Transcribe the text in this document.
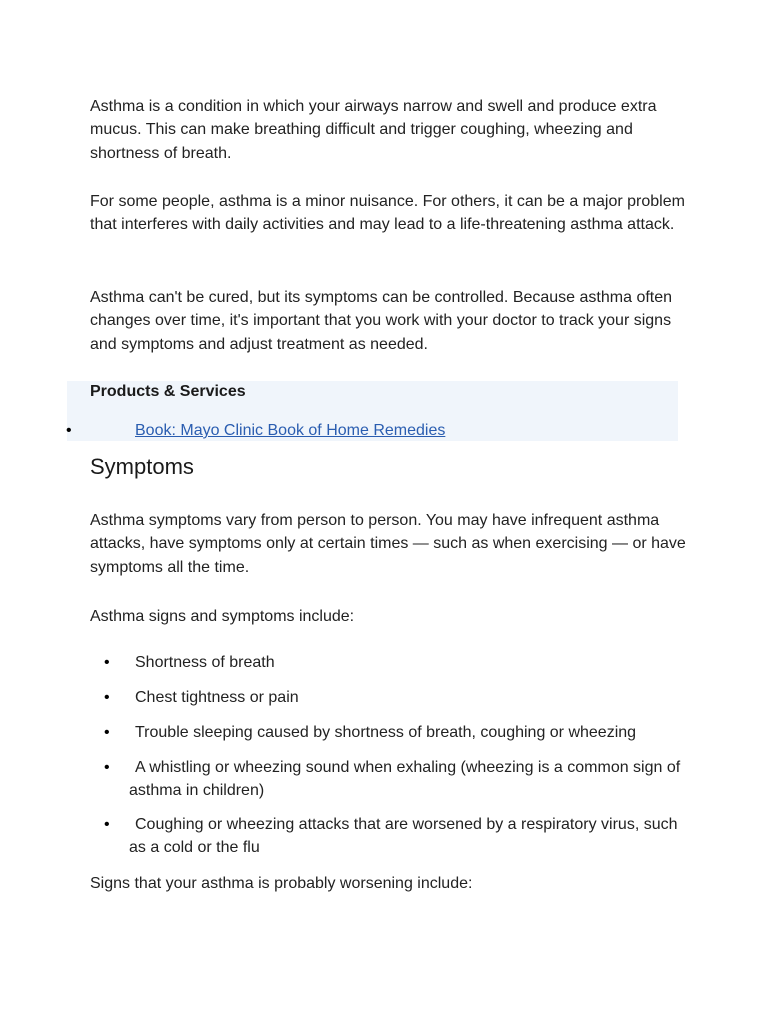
Asthma is a condition in which your airways narrow and swell and produce extra mucus. This can make breathing difficult and trigger coughing, wheezing and shortness of breath.

For some people, asthma is a minor nuisance. For others, it can be a major problem that interferes with daily activities and may lead to a life-threatening asthma attack.

Asthma can't be cured, but its symptoms can be controlled. Because asthma often changes over time, it's important that you work with your doctor to track your signs and symptoms and adjust treatment as needed.

Products & Services
•	Book: Mayo Clinic Book of Home Remedies
Symptoms

Asthma symptoms vary from person to person. You may have infrequent asthma attacks, have symptoms only at certain times — such as when exercising — or have symptoms all the time.

Asthma signs and symptoms include:

•	Shortness of breath
•	Chest tightness or pain
•	Trouble sleeping caused by shortness of breath, coughing or wheezing
•	A whistling or wheezing sound when exhaling (wheezing is a common sign of asthma in children)
•	Coughing or wheezing attacks that are worsened by a respiratory virus, such as a cold or the flu

Signs that your asthma is probably worsening include:
